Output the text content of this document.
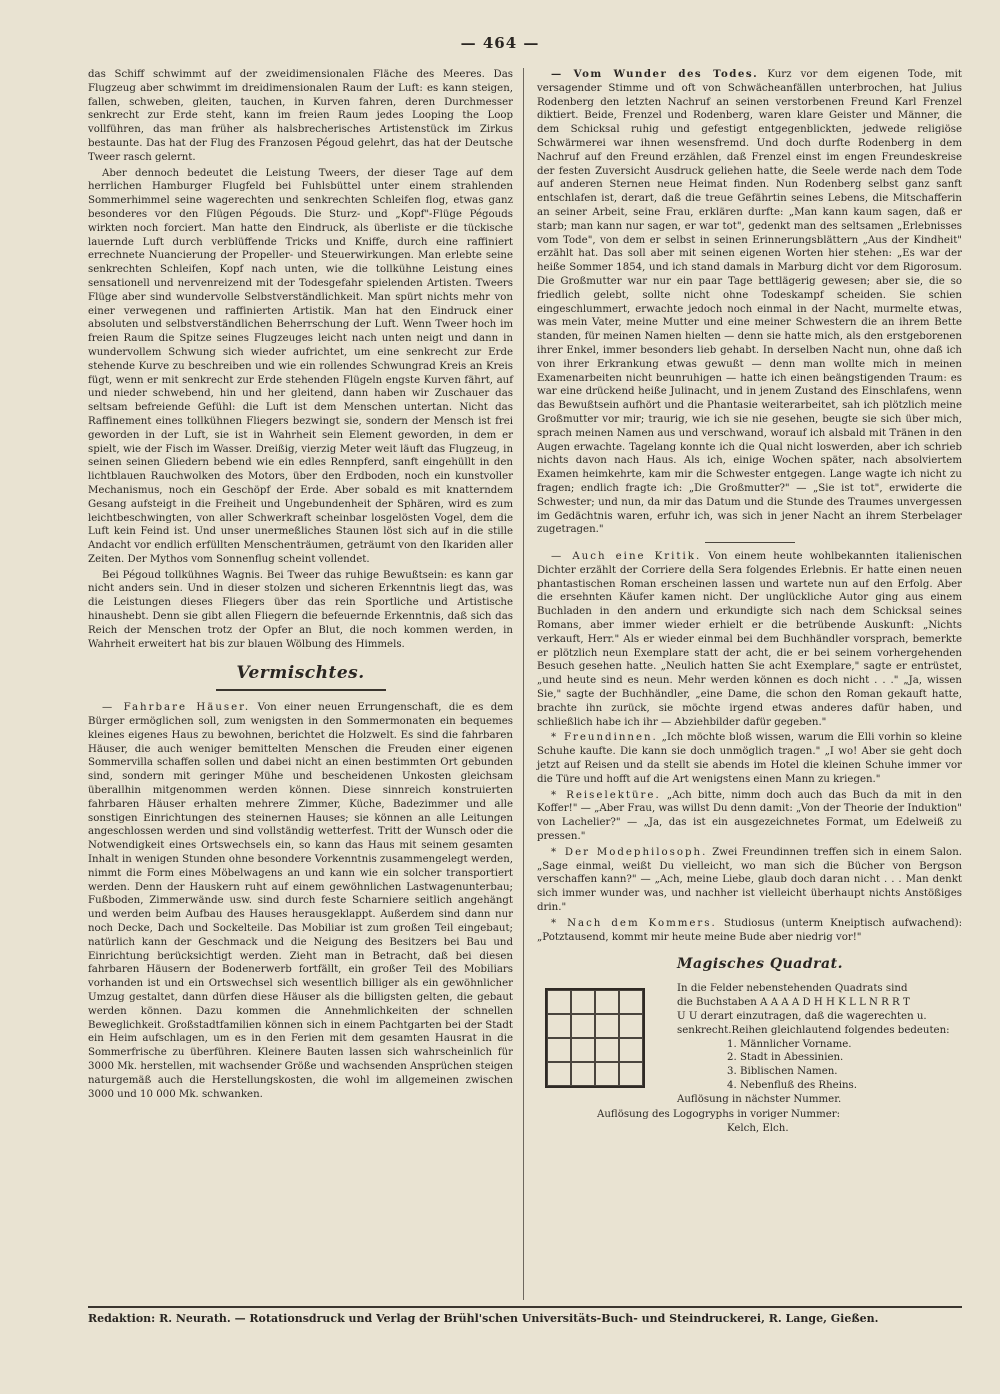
— 464 —

das Schiff schwimmt auf der zweidimensionalen Fläche des Meeres. Das Flugzeug aber schwimmt im dreidimensionalen Raum der Luft: es kann steigen, fallen, schweben, gleiten, tauchen, in Kurven fahren, deren Durchmesser senkrecht zur Erde steht, kann im freien Raum jedes Looping the Loop vollführen, das man früher als halsbrecherisches Artistenstück im Zirkus bestaunte. Das hat der Flug des Franzosen Pégoud gelehrt, das hat der Deutsche Tweer rasch gelernt.

Aber dennoch bedeutet die Leistung Tweers, der dieser Tage auf dem herrlichen Hamburger Flugfeld bei Fuhlsbüttel unter einem strahlenden Sommerhimmel seine wagerechten und senkrechten Schleifen flog, etwas ganz besonderes vor den Flügen Pégouds. Die Sturz- und „Kopf"-Flüge Pégouds wirkten noch forciert. Man hatte den Eindruck, als überliste er die tückische lauernde Luft durch verblüffende Tricks und Kniffe, durch eine raffiniert errechnete Nuancierung der Propeller- und Steuerwirkungen. Man erlebte seine senkrechten Schleifen, Kopf nach unten, wie die tollkühne Leistung eines sensationell und nervenreizend mit der Todesgefahr spielenden Artisten. Tweers Flüge aber sind wundervolle Selbstverständlichkeit. Man spürt nichts mehr von einer verwegenen und raffinierten Artistik. Man hat den Eindruck einer absoluten und selbstverständlichen Beherrschung der Luft. Wenn Tweer hoch im freien Raum die Spitze seines Flugzeuges leicht nach unten neigt und dann in wundervollem Schwung sich wieder aufrichtet, um eine senkrecht zur Erde stehende Kurve zu beschreiben und wie ein rollendes Schwungrad Kreis an Kreis fügt, wenn er mit senkrecht zur Erde stehenden Flügeln engste Kurven fährt, auf und nieder schwebend, hin und her gleitend, dann haben wir Zuschauer das seltsam befreiende Gefühl: die Luft ist dem Menschen untertan. Nicht das Raffinement eines tollkühnen Fliegers bezwingt sie, sondern der Mensch ist frei geworden in der Luft, sie ist in Wahrheit sein Element geworden, in dem er spielt, wie der Fisch im Wasser. Dreißig, vierzig Meter weit läuft das Flugzeug, in seinen seinen Gliedern bebend wie ein edles Rennpferd, sanft eingehüllt in den lichtblauen Rauchwolken des Motors, über den Erdboden, noch ein kunstvoller Mechanismus, noch ein Geschöpf der Erde. Aber sobald es mit knatterndem Gesang aufsteigt in die Freiheit und Ungebundenheit der Sphären, wird es zum leichtbeschwingten, von aller Schwerkraft scheinbar losgelösten Vogel, dem die Luft kein Feind ist. Und unser unermeßliches Staunen löst sich auf in die stille Andacht vor endlich erfüllten Menschenträumen, geträumt von den Ikariden aller Zeiten. Der Mythos vom Sonnenflug scheint vollendet.

Bei Pégoud tollkühnes Wagnis. Bei Tweer das ruhige Bewußtsein: es kann gar nicht anders sein. Und in dieser stolzen und sicheren Erkenntnis liegt das, was die Leistungen dieses Fliegers über das rein Sportliche und Artistische hinaushebt. Denn sie gibt allen Fliegern die befeuernde Erkenntnis, daß sich das Reich der Menschen trotz der Opfer an Blut, die noch kommen werden, in Wahrheit erweitert hat bis zur blauen Wölbung des Himmels.

Vermischtes.

— Fahrbare Häuser. Von einer neuen Errungenschaft, die es dem Bürger ermöglichen soll, zum wenigsten in den Sommermonaten ein bequemes kleines eigenes Haus zu bewohnen, berichtet die Holzwelt. Es sind die fahrbaren Häuser, die auch weniger bemittelten Menschen die Freuden einer eigenen Sommervilla schaffen sollen und dabei nicht an einen bestimmten Ort gebunden sind, sondern mit geringer Mühe und bescheidenen Unkosten gleichsam überallhin mitgenommen werden können. Diese sinnreich konstruierten fahrbaren Häuser erhalten mehrere Zimmer, Küche, Badezimmer und alle sonstigen Einrichtungen des steinernen Hauses; sie können an alle Leitungen angeschlossen werden und sind vollständig wetterfest. Tritt der Wunsch oder die Notwendigkeit eines Ortswechsels ein, so kann das Haus mit seinem gesamten Inhalt in wenigen Stunden ohne besondere Vorkenntnis zusammengelegt werden, nimmt die Form eines Möbelwagens an und kann wie ein solcher transportiert werden. Denn der Hauskern ruht auf einem gewöhnlichen Lastwagenunterbau; Fußboden, Zimmerwände usw. sind durch feste Scharniere seitlich angehängt und werden beim Aufbau des Hauses herausgeklappt. Außerdem sind dann nur noch Decke, Dach und Sockelteile. Das Mobiliar ist zum großen Teil eingebaut; natürlich kann der Geschmack und die Neigung des Besitzers bei Bau und Einrichtung berücksichtigt werden. Zieht man in Betracht, daß bei diesen fahrbaren Häusern der Bodenerwerb fortfällt, ein großer Teil des Mobiliars vorhanden ist und ein Ortswechsel sich wesentlich billiger als ein gewöhnlicher Umzug gestaltet, dann dürfen diese Häuser als die billigsten gelten, die gebaut werden können. Dazu kommen die Annehmlichkeiten der schnellen Beweglichkeit. Großstadtfamilien können sich in einem Pachtgarten bei der Stadt ein Heim aufschlagen, um es in den Ferien mit dem gesamten Hausrat in die Sommerfrische zu überführen. Kleinere Bauten lassen sich wahrscheinlich für 3000 Mk. herstellen, mit wachsender Größe und wachsenden Ansprüchen steigen naturgemäß auch die Herstellungskosten, die wohl im allgemeinen zwischen 3000 und 10 000 Mk. schwanken.

— Vom Wunder des Todes. Kurz vor dem eigenen Tode, mit versagender Stimme und oft von Schwächeanfällen unterbrochen, hat Julius Rodenberg den letzten Nachruf an seinen verstorbenen Freund Karl Frenzel diktiert. Beide, Frenzel und Rodenberg, waren klare Geister und Männer, die dem Schicksal ruhig und gefestigt entgegenblickten, jedwede religiöse Schwärmerei war ihnen wesensfremd. Und doch durfte Rodenberg in dem Nachruf auf den Freund erzählen, daß Frenzel einst im engen Freundeskreise der festen Zuversicht Ausdruck geliehen hatte, die Seele werde nach dem Tode auf anderen Sternen neue Heimat finden. Nun Rodenberg selbst ganz sanft entschlafen ist, derart, daß die treue Gefährtin seines Lebens, die Mitschafferin an seiner Arbeit, seine Frau, erklären durfte: „Man kann kaum sagen, daß er starb; man kann nur sagen, er war tot", gedenkt man des seltsamen „Erlebnisses vom Tode", von dem er selbst in seinen Erinnerungsblättern „Aus der Kindheit" erzählt hat. Das soll aber mit seinen eigenen Worten hier stehen: „Es war der heiße Sommer 1854, und ich stand damals in Marburg dicht vor dem Rigorosum. Die Großmutter war nur ein paar Tage bettlägerig gewesen; aber sie, die so friedlich gelebt, sollte nicht ohne Todeskampf scheiden. Sie schien eingeschlummert, erwachte jedoch noch einmal in der Nacht, murmelte etwas, was mein Vater, meine Mutter und eine meiner Schwestern die an ihrem Bette standen, für meinen Namen hielten — denn sie hatte mich, als den erstgeborenen ihrer Enkel, immer besonders lieb gehabt. In derselben Nacht nun, ohne daß ich von ihrer Erkrankung etwas gewußt — denn man wollte mich in meinen Examenarbeiten nicht beunruhigen — hatte ich einen beängstigenden Traum: es war eine drückend heiße Julinacht, und in jenem Zustand des Einschlafens, wenn das Bewußtsein aufhört und die Phantasie weiterarbeitet, sah ich plötzlich meine Großmutter vor mir; traurig, wie ich sie nie gesehen, beugte sie sich über mich, sprach meinen Namen aus und verschwand, worauf ich alsbald mit Tränen in den Augen erwachte. Tagelang konnte ich die Qual nicht loswerden, aber ich schrieb nichts davon nach Haus. Als ich, einige Wochen später, nach absolviertem Examen heimkehrte, kam mir die Schwester entgegen. Lange wagte ich nicht zu fragen; endlich fragte ich: „Die Großmutter?" — „Sie ist tot", erwiderte die Schwester; und nun, da mir das Datum und die Stunde des Traumes unvergessen im Gedächtnis waren, erfuhr ich, was sich in jener Nacht an ihrem Sterbelager zugetragen."

— Auch eine Kritik. Von einem heute wohlbekannten italienischen Dichter erzählt der Corriere della Sera folgendes Erlebnis. Er hatte einen neuen phantastischen Roman erscheinen lassen und wartete nun auf den Erfolg. Aber die ersehnten Käufer kamen nicht. Der unglückliche Autor ging aus einem Buchladen in den andern und erkundigte sich nach dem Schicksal seines Romans, aber immer wieder erhielt er die betrübende Auskunft: „Nichts verkauft, Herr." Als er wieder einmal bei dem Buchhändler vorsprach, bemerkte er plötzlich neun Exemplare statt der acht, die er bei seinem vorhergehenden Besuch gesehen hatte. „Neulich hatten Sie acht Exemplare," sagte er entrüstet, „und heute sind es neun. Mehr werden können es doch nicht . . ." „Ja, wissen Sie," sagte der Buchhändler, „eine Dame, die schon den Roman gekauft hatte, brachte ihn zurück, sie möchte irgend etwas anderes dafür haben, und schließlich habe ich ihr — Abziehbilder dafür gegeben."

* Freundinnen. „Ich möchte bloß wissen, warum die Elli vorhin so kleine Schuhe kaufte. Die kann sie doch unmöglich tragen." „I wo! Aber sie geht doch jetzt auf Reisen und da stellt sie abends im Hotel die kleinen Schuhe immer vor die Türe und hofft auf die Art wenigstens einen Mann zu kriegen."

* Reiselektüre. „Ach bitte, nimm doch auch das Buch da mit in den Koffer!" — „Aber Frau, was willst Du denn damit: „Von der Theorie der Induktion" von Lachelier?" — „Ja, das ist ein ausgezeichnetes Format, um Edelweiß zu pressen."

* Der Modephilosoph. Zwei Freundinnen treffen sich in einem Salon. „Sage einmal, weißt Du vielleicht, wo man sich die Bücher von Bergson verschaffen kann?" — „Ach, meine Liebe, glaub doch daran nicht . . . Man denkt sich immer wunder was, und nachher ist vielleicht überhaupt nichts Anstößiges drin."

* Nach dem Kommers. Studiosus (unterm Kneiptisch aufwachend): „Potztausend, kommt mir heute meine Bude aber niedrig vor!"

Magisches Quadrat.
In die Felder nebenstehenden Quadrats sind
die Buchstaben A A A A D H H K L L N R R T
U U derart einzutragen, daß die wagerechten u.
senkrecht.Reihen gleichlautend folgendes bedeuten:
1. Männlicher Vorname.
2. Stadt in Abessinien.
3. Biblischen Namen.
4. Nebenfluß des Rheins.
Auflösung in nächster Nummer.
Auflösung des Logogryphs in voriger Nummer:
Kelch, Elch.
Redaktion: R. Neurath. — Rotationsdruck und Verlag der Brühl'schen Universitäts-Buch- und Steindruckerei, R. Lange, Gießen.
